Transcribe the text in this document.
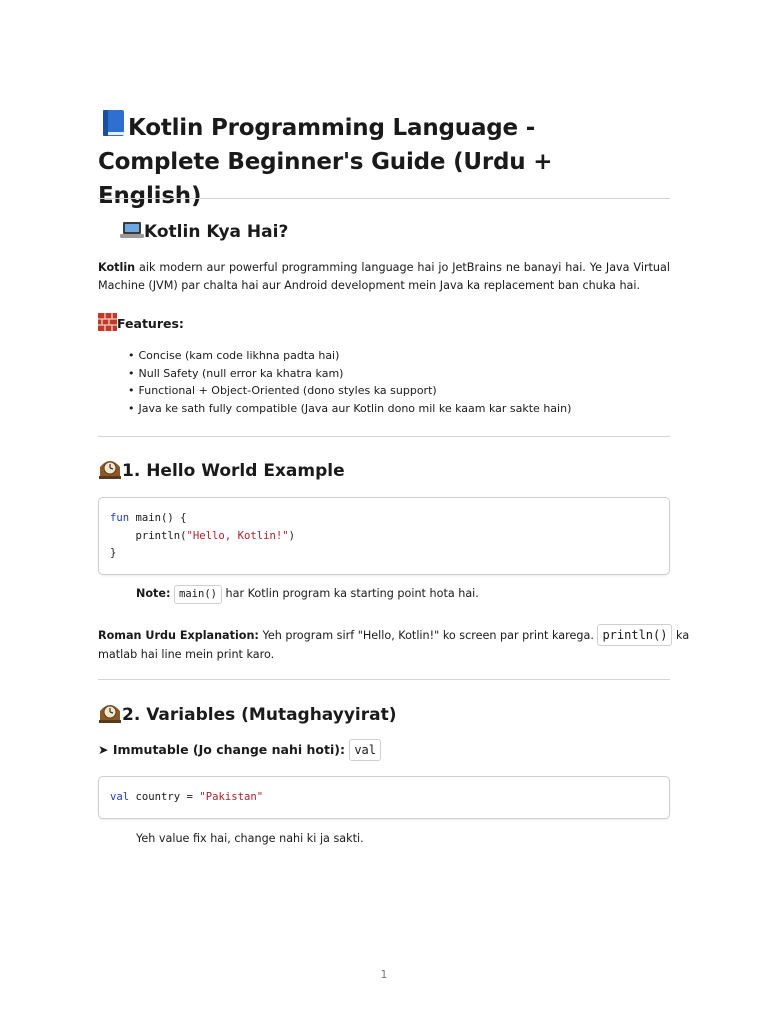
Kotlin Programming Language - Complete Beginner's Guide (Urdu + English)
Kotlin Kya Hai?
Kotlin aik modern aur powerful programming language hai jo JetBrains ne banayi hai. Ye Java Virtual Machine (JVM) par chalta hai aur Android development mein Java ka replacement ban chuka hai.
Features:
• Concise (kam code likhna padta hai)
• Null Safety (null error ka khatra kam)
• Functional + Object-Oriented (dono styles ka support)
• Java ke sath fully compatible (Java aur Kotlin dono mil ke kaam kar sakte hain)
1. Hello World Example
fun main() {
println("Hello, Kotlin!")
}
Note: main() har Kotlin program ka starting point hota hai.
Roman Urdu Explanation: Yeh program sirf "Hello, Kotlin!" ko screen par print karega. println() ka
matlab hai line mein print karo.
2. Variables (Mutaghayyirat)
➤ Immutable (Jo change nahi hoti): val
val country = "Pakistan"
Yeh value fix hai, change nahi ki ja sakti.
1
